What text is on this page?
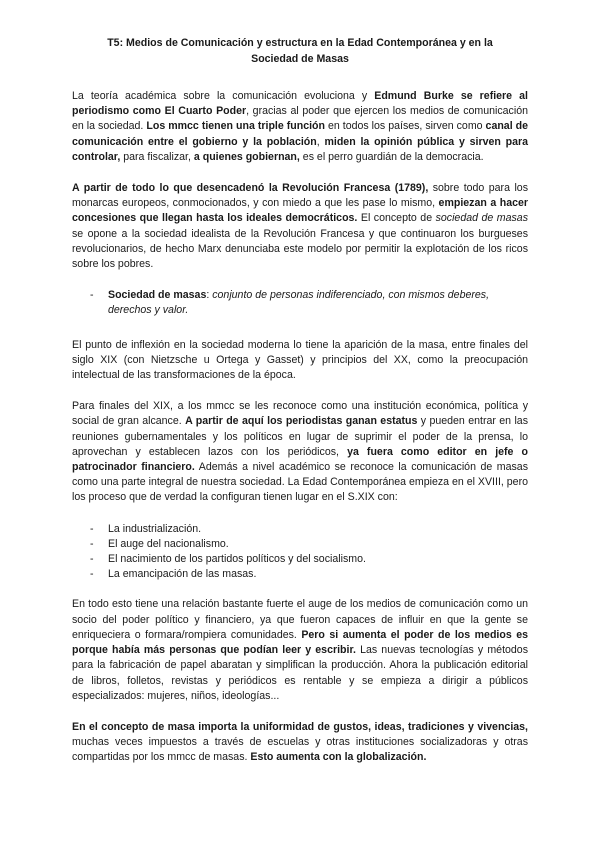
T5: Medios de Comunicación y estructura en la Edad Contemporánea y en la
Sociedad de Masas

La teoría académica sobre la comunicación evoluciona y Edmund Burke se refiere al periodismo como El Cuarto Poder, gracias al poder que ejercen los medios de comunicación en la sociedad. Los mmcc tienen una triple función en todos los países, sirven como canal de comunicación entre el gobierno y la población, miden la opinión pública y sirven para controlar, para fiscalizar, a quienes gobiernan, es el perro guardián de la democracia.

A partir de todo lo que desencadenó la Revolución Francesa (1789), sobre todo para los monarcas europeos, conmocionados, y con miedo a que les pase lo mismo, empiezan a hacer concesiones que llegan hasta los ideales democráticos. El concepto de sociedad de masas se opone a la sociedad idealista de la Revolución Francesa y que continuaron los burgueses revolucionarios, de hecho Marx denunciaba este modelo por permitir la explotación de los ricos sobre los pobres.

- Sociedad de masas: conjunto de personas indiferenciado, con mismos deberes, derechos y valor.

El punto de inflexión en la sociedad moderna lo tiene la aparición de la masa, entre finales del siglo XIX (con Nietzsche u Ortega y Gasset) y principios del XX, como la preocupación intelectual de las transformaciones de la época.

Para finales del XIX, a los mmcc se les reconoce como una institución económica, política y social de gran alcance. A partir de aquí los periodistas ganan estatus y pueden entrar en las reuniones gubernamentales y los políticos en lugar de suprimir el poder de la prensa, lo aprovechan y establecen lazos con los periódicos, ya fuera como editor en jefe o patrocinador financiero. Además a nivel académico se reconoce la comunicación de masas como una parte integral de nuestra sociedad. La Edad Contemporánea empieza en el XVIII, pero los proceso que de verdad la configuran tienen lugar en el S.XIX con:

- La industrialización.
- El auge del nacionalismo.
- El nacimiento de los partidos políticos y del socialismo.
- La emancipación de las masas.

En todo esto tiene una relación bastante fuerte el auge de los medios de comunicación como un socio del poder político y financiero, ya que fueron capaces de influir en que la gente se enriqueciera o formara/rompiera comunidades. Pero si aumenta el poder de los medios es porque había más personas que podían leer y escribir. Las nuevas tecnologías y métodos para la fabricación de papel abaratan y simplifican la producción. Ahora la publicación editorial de libros, folletos, revistas y periódicos es rentable y se empieza a dirigir a públicos especializados: mujeres, niños, ideologías...

En el concepto de masa importa la uniformidad de gustos, ideas, tradiciones y vivencias, muchas veces impuestos a través de escuelas y otras instituciones socializadoras y otras compartidas por los mmcc de masas. Esto aumenta con la globalización.
